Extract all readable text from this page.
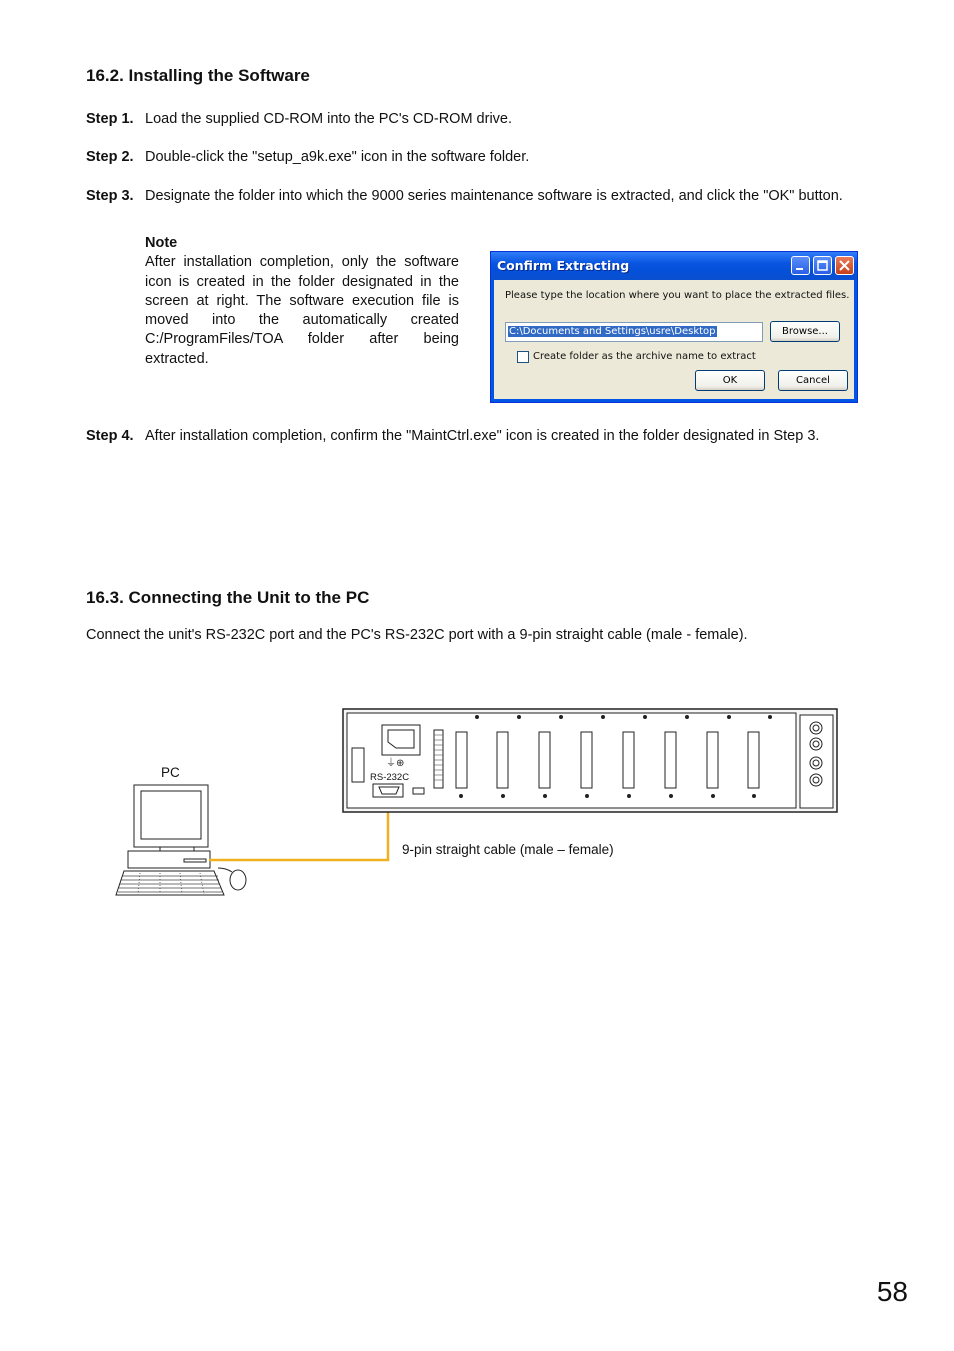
16.2. Installing the Software
Step 1. Load the supplied CD-ROM into the PC's CD-ROM drive.
Step 2. Double-click the "setup_a9k.exe" icon in the software folder.
Step 3. Designate the folder into which the 9000 series maintenance software is extracted, and click the "OK" button.
Note
After installation completion, only the software icon is created in the folder designated in the screen at right. The software execution file is moved into the automatically created C:/ProgramFiles/TOA folder after being extracted.
Confirm Extracting
Please type the location where you want to place the extracted files.
C:\Documents and Settings\usre\Desktop	Browse...
Create folder as the archive name to extract
OK	Cancel
Step 4. After installation completion, confirm the "MaintCtrl.exe" icon is created in the folder designated in Step 3.
16.3. Connecting the Unit to the PC
Connect the unit's RS-232C port and the PC's RS-232C port with a 9-pin straight cable (male - female).
⏚⊕
PC	RS-232C
9-pin straight cable (male – female)
58
